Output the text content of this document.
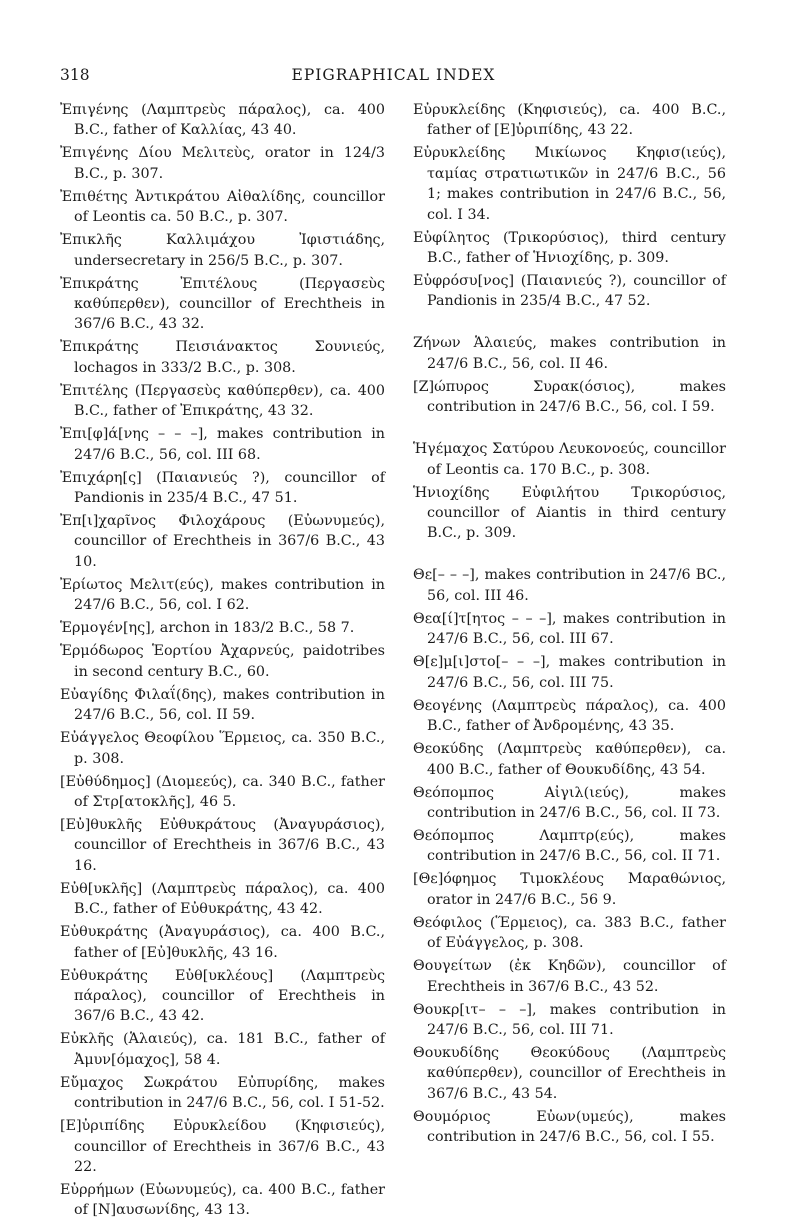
318	EPIGRAPHICAL INDEX
Ἐπιγένης (Λαμπτρεὺς πάραλος), ca. 400 B.C., father of Καλλίας, 43 40.
Ἐπιγένης Δίου Μελιτεὺς, orator in 124/3 B.C., p. 307.
Ἐπιθέτης Ἀντικράτου Αἰθαλίδης, councillor of Leontis ca. 50 B.C., p. 307.
Ἐπικλῆς Καλλιμάχου Ἰφιστιάδης, undersecretary in 256/5 B.C., p. 307.
Ἐπικράτης Ἐπιτέλους (Περγασεὺς καθύπερθεν), councillor of Erechtheis in 367/6 B.C., 43 32.
Ἐπικράτης Πεισιάνακτος Σουνιεύς, lochagos in 333/2 B.C., p. 308.
Ἐπιτέλης (Περγασεὺς καθύπερθεν), ca. 400 B.C., father of Ἐπικράτης, 43 32.
Ἐπι[φ]ά[νης – – –], makes contribution in 247/6 B.C., 56, col. III 68.
Ἐπιχάρη[ς] (Παιανιεύς ?), councillor of Pandionis in 235/4 B.C., 47 51.
Ἐπ[ι]χαρῖνος Φιλοχάρους (Εὐωνυμεύς), councillor of Erechtheis in 367/6 B.C., 43 10.
Ἐρίωτος Μελιτ(εύς), makes contribution in 247/6 B.C., 56, col. I 62.
Ἑρμογέν[ης], archon in 183/2 B.C., 58 7.
Ἑρμόδωρος Ἑορτίου Ἀχαρνεύς, paidotribes in second century B.C., 60.
Εὐαγίδης Φιλαΐ(δης), makes contribution in 247/6 B.C., 56, col. II 59.
Εὐάγγελος Θεοφίλου Ἕρμειος, ca. 350 B.C., p. 308.
[Εὐθύδημος] (Διομεεύς), ca. 340 B.C., father of Στρ[ατοκλῆς], 46 5.
[Εὐ]θυκλῆς Εὐθυκράτους (Ἀναγυράσιος), councillor of Erechtheis in 367/6 B.C., 43 16.
Εὐθ[υκλῆς] (Λαμπτρεὺς πάραλος), ca. 400 B.C., father of Εὐθυκράτης, 43 42.
Εὐθυκράτης (Ἀναγυράσιος), ca. 400 B.C., father of [Εὐ]θυκλῆς, 43 16.
Εὐθυκράτης Εὐθ[υκλέους] (Λαμπτρεὺς πάραλος), councillor of Erechtheis in 367/6 B.C., 43 42.
Εὐκλῆς (Ἁλαιεύς), ca. 181 B.C., father of Ἀμυν[όμαχος], 58 4.
Εὔμαχος Σωκράτου Εὐπυρίδης, makes contribution in 247/6 B.C., 56, col. I 51-52.
[Ε]ὐριπίδης Εὐρυκλείδου (Κηφισιεύς), councillor of Erechtheis in 367/6 B.C., 43 22.
Εὐρρήμων (Εὐωνυμεύς), ca. 400 B.C., father of [Ν]αυσωνίδης, 43 13.
Εὐρυκλείδης (Κηφισιεύς), ca. 400 B.C., father of [Ε]ὐριπίδης, 43 22.
Εὐρυκλείδης Μικίωνος Κηφισ(ιεύς), ταμίας στρατιωτικῶν in 247/6 B.C., 56 1; makes contribution in 247/6 B.C., 56, col. I 34.
Εὐφίλητος (Τρικορύσιος), third century B.C., father of Ἡνιοχίδης, p. 309.
Εὐφρόσυ[νος] (Παιανιεύς ?), councillor of Pandionis in 235/4 B.C., 47 52.
Ζήνων Ἁλαιεύς, makes contribution in 247/6 B.C., 56, col. II 46.
[Ζ]ώπυρος Συρακ(όσιος), makes contribution in 247/6 B.C., 56, col. I 59.
Ἡγέμαχος Σατύρου Λευκονοεύς, councillor of Leontis ca. 170 B.C., p. 308.
Ἡνιοχίδης Εὐφιλήτου Τρικορύσιος, councillor of Aiantis in third century B.C., p. 309.
Θε[– – –], makes contribution in 247/6 BC., 56, col. III 46.
Θεα[ί]τ[ητος – – –], makes contribution in 247/6 B.C., 56, col. III 67.
Θ[ε]μ[ι]στο[– – –], makes contribution in 247/6 B.C., 56, col. III 75.
Θεογένης (Λαμπτρεὺς πάραλος), ca. 400 B.C., father of Ἀνδρομένης, 43 35.
Θεοκύδης (Λαμπτρεὺς καθύπερθεν), ca. 400 B.C., father of Θουκυδίδης, 43 54.
Θεόπομπος Αἰγιλ(ιεύς), makes contribution in 247/6 B.C., 56, col. II 73.
Θεόπομπος Λαμπτρ(εύς), makes contribution in 247/6 B.C., 56, col. II 71.
[Θε]όφημος Τιμοκλέους Μαραθώνιος, orator in 247/6 B.C., 56 9.
Θεόφιλος (Ἕρμειος), ca. 383 B.C., father of Εὐάγγελος, p. 308.
Θουγείτων (ἐκ Κηδῶν), councillor of Erechtheis in 367/6 B.C., 43 52.
Θουκρ[ιτ– – –], makes contribution in 247/6 B.C., 56, col. III 71.
Θουκυδίδης Θεοκύδους (Λαμπτρεὺς καθύπερθεν), councillor of Erechtheis in 367/6 B.C., 43 54.
Θουμόριος Εὐων(υμεύς), makes contribution in 247/6 B.C., 56, col. I 55.
